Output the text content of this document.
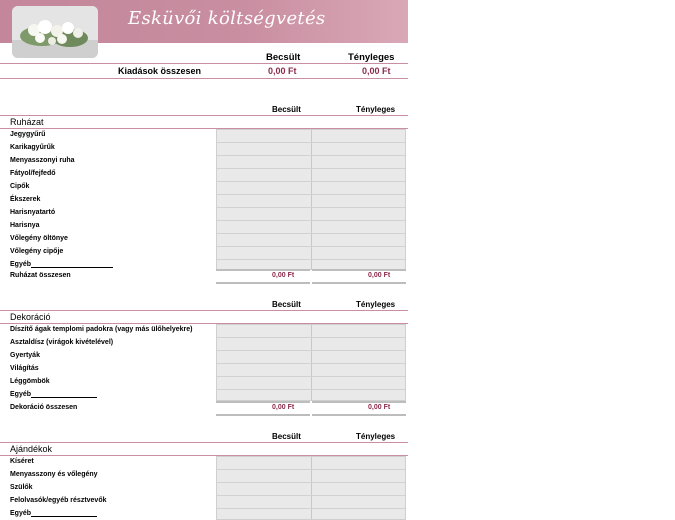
Esküvői költségvetés
Becsült	Tényleges
Kiadások összesen	0,00 Ft	0,00 Ft
Becsült	Tényleges
Ruházat
Jegygyűrű
Karikagyűrűk
Menyasszonyi ruha
Fátyol/fejfedő
Cipők
Ékszerek
Harisnyatartó
Harisnya
Vőlegény öltönye
Vőlegény cipője
Egyéb
Ruházat összesen	0,00 Ft	0,00 Ft
Becsült	Tényleges
Dekoráció
Díszítő ágak templomi padokra (vagy más ülőhelyekre)
Asztaldísz (virágok kivételével)
Gyertyák
Világítás
Léggömbök
Egyéb
Dekoráció összesen	0,00 Ft	0,00 Ft
Becsült	Tényleges
Ajándékok
Kíséret
Menyasszony és vőlegény
Szülők
Felolvasók/egyéb résztvevők
Egyéb
